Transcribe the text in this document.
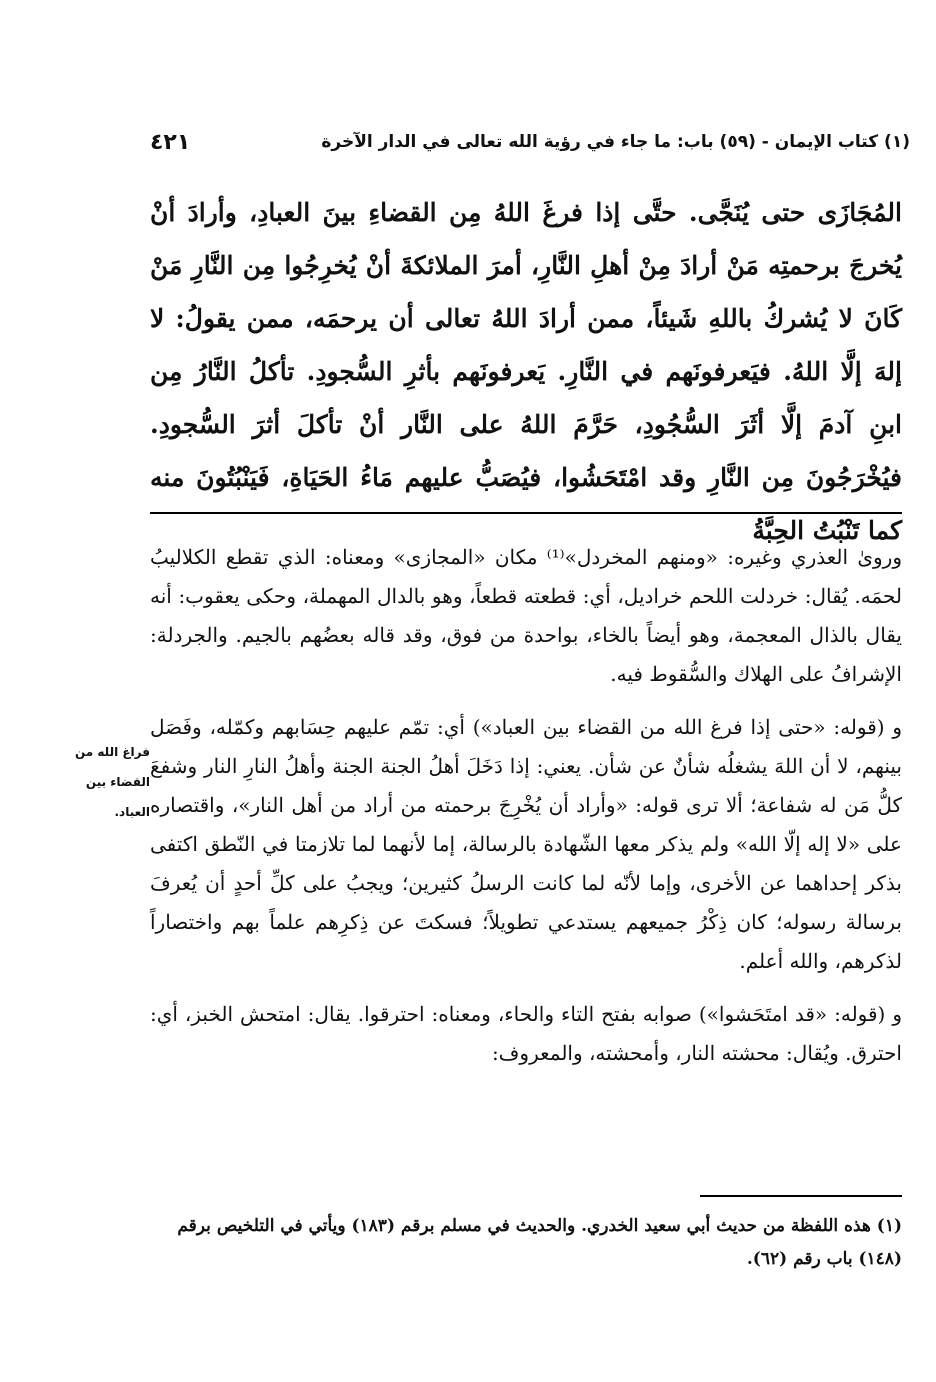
(١) كتاب الإيمان - (٥٩) باب: ما جاء في رؤية الله تعالى في الدار الآخرة
٤٢١

المُجَازَى حتى يُنَجَّى. حتَّى إذا فرغَ اللهُ مِن القضاءِ بينَ العبادِ، وأرادَ أنْ يُخرجَ برحمتِه مَنْ أرادَ مِنْ أهلِ النَّارِ، أمرَ الملائكةَ أنْ يُخرِجُوا مِن النَّارِ مَنْ كَانَ لا يُشركُ باللهِ شَيئاً، ممن أرادَ اللهُ تعالى أن يرحمَه، ممن يقولُ: لا إلهَ إلَّا اللهُ. فيَعرفونَهم في النَّارِ. يَعرفونَهم بأثرِ السُّجودِ. تأكلُ النَّارُ مِن ابنِ آدمَ إلَّا أثَرَ السُّجُودِ، حَرَّمَ اللهُ على النَّار أنْ تأكلَ أثرَ السُّجودِ. فيُخْرَجُونَ مِن النَّارِ وقد امْتَحَشُوا، فيُصَبُّ عليهم مَاءُ الحَيَاةِ، فَيَنْبُتُونَ منه كما تَنْبُتُ الحِبَّةُ

ورویٰ العذري وغيره: «ومنهم المخردل»⁽¹⁾ مكان «المجازى» ومعناه: الذي تقطع الكلاليبُ لحمَه. يُقال: خردلت اللحم خراديل، أي: قطعته قطعاً، وهو بالدال المهملة، وحكى يعقوب: أنه يقال بالذال المعجمة، وهو أيضاً بالخاء، بواحدة من فوق، وقد قاله بعضُهم بالجيم. والجردلة: الإشرافُ على الهلاك والسُّقوط فيه.

و (قوله: «حتى إذا فرغ الله من القضاء بين العباد») أي: تمّم عليهم حِسَابهم وكمّله، وفَصَل بينهم، لا أن اللهَ يشغلُه شأنٌ عن شأن. يعني: إذا دَخَلَ أهلُ الجنة الجنة وأهلُ النارِ النار وشفعَ كلُّ مَن له شفاعة؛ ألا ترى قوله: «وأراد أن يُخْرِجَ برحمته من أراد من أهل النار»، واقتصاره على «لا إله إلّا الله» ولم يذكر معها الشّهادة بالرسالة، إما لأنهما لما تلازمتا في النّطق اكتفى بذكر إحداهما عن الأخرى، وإما لأنّه لما كانت الرسلُ كثيرين؛ ويجبُ على كلِّ أحدٍ أن يُعرفَ برسالة رسوله؛ كان ذِكْرُ جميعهم يستدعي تطويلاً؛ فسكتَ عن ذِكرِهم علماً بهم واختصاراً لذكرهم، والله أعلم.

و (قوله: «قد امتَحَشوا») صوابه بفتح التاء والحاء، ومعناه: احترقوا. يقال: امتحش الخبز، أي: احترق. ويُقال: محشته النار، وأمحشته، والمعروف:

فراغ الله من القضاء بين العباد.
(١) هذه اللفظة من حديث أبي سعيد الخدري. والحديث في مسلم برقم (١٨٣) ويأتي في التلخيص برقم (١٤٨) باب رقم (٦٢).
